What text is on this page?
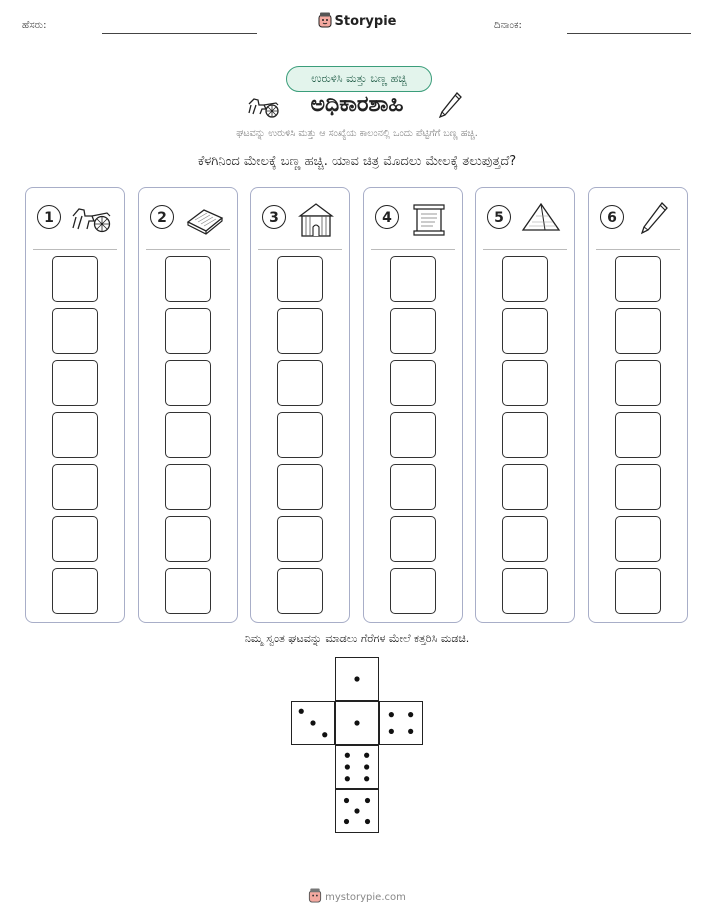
ಹೆಸರು:	Storypie	ದಿನಾಂಕ:
ಉರುಳಿಸಿ ಮತ್ತು ಬಣ್ಣ ಹಚ್ಚಿ
ಅಧಿಕಾರಶಾಹಿ
ಘಟವನ್ನು ಉರುಳಿಸಿ ಮತ್ತು ಆ ಸಂಖ್ಯೆಯ ಕಾಲಂನಲ್ಲಿ ಒಂದು ಪೆಟ್ಟಿಗೆಗೆ ಬಣ್ಣ ಹಚ್ಚಿ.
ಕೆಳಗಿನಿಂದ ಮೇಲಕ್ಕೆ ಬಣ್ಣ ಹಚ್ಚಿ. ಯಾವ ಚಿತ್ರ ಮೊದಲು ಮೇಲಕ್ಕೆ ತಲುಪುತ್ತದೆ?
1	2	3	4	5	6
ನಿಮ್ಮ ಸ್ವಂತ ಘಟವನ್ನು ಮಾಡಲು ಗೆರೆಗಳ ಮೇಲೆ ಕತ್ತರಿಸಿ ಮಡಚಿ.
mystorypie.com
